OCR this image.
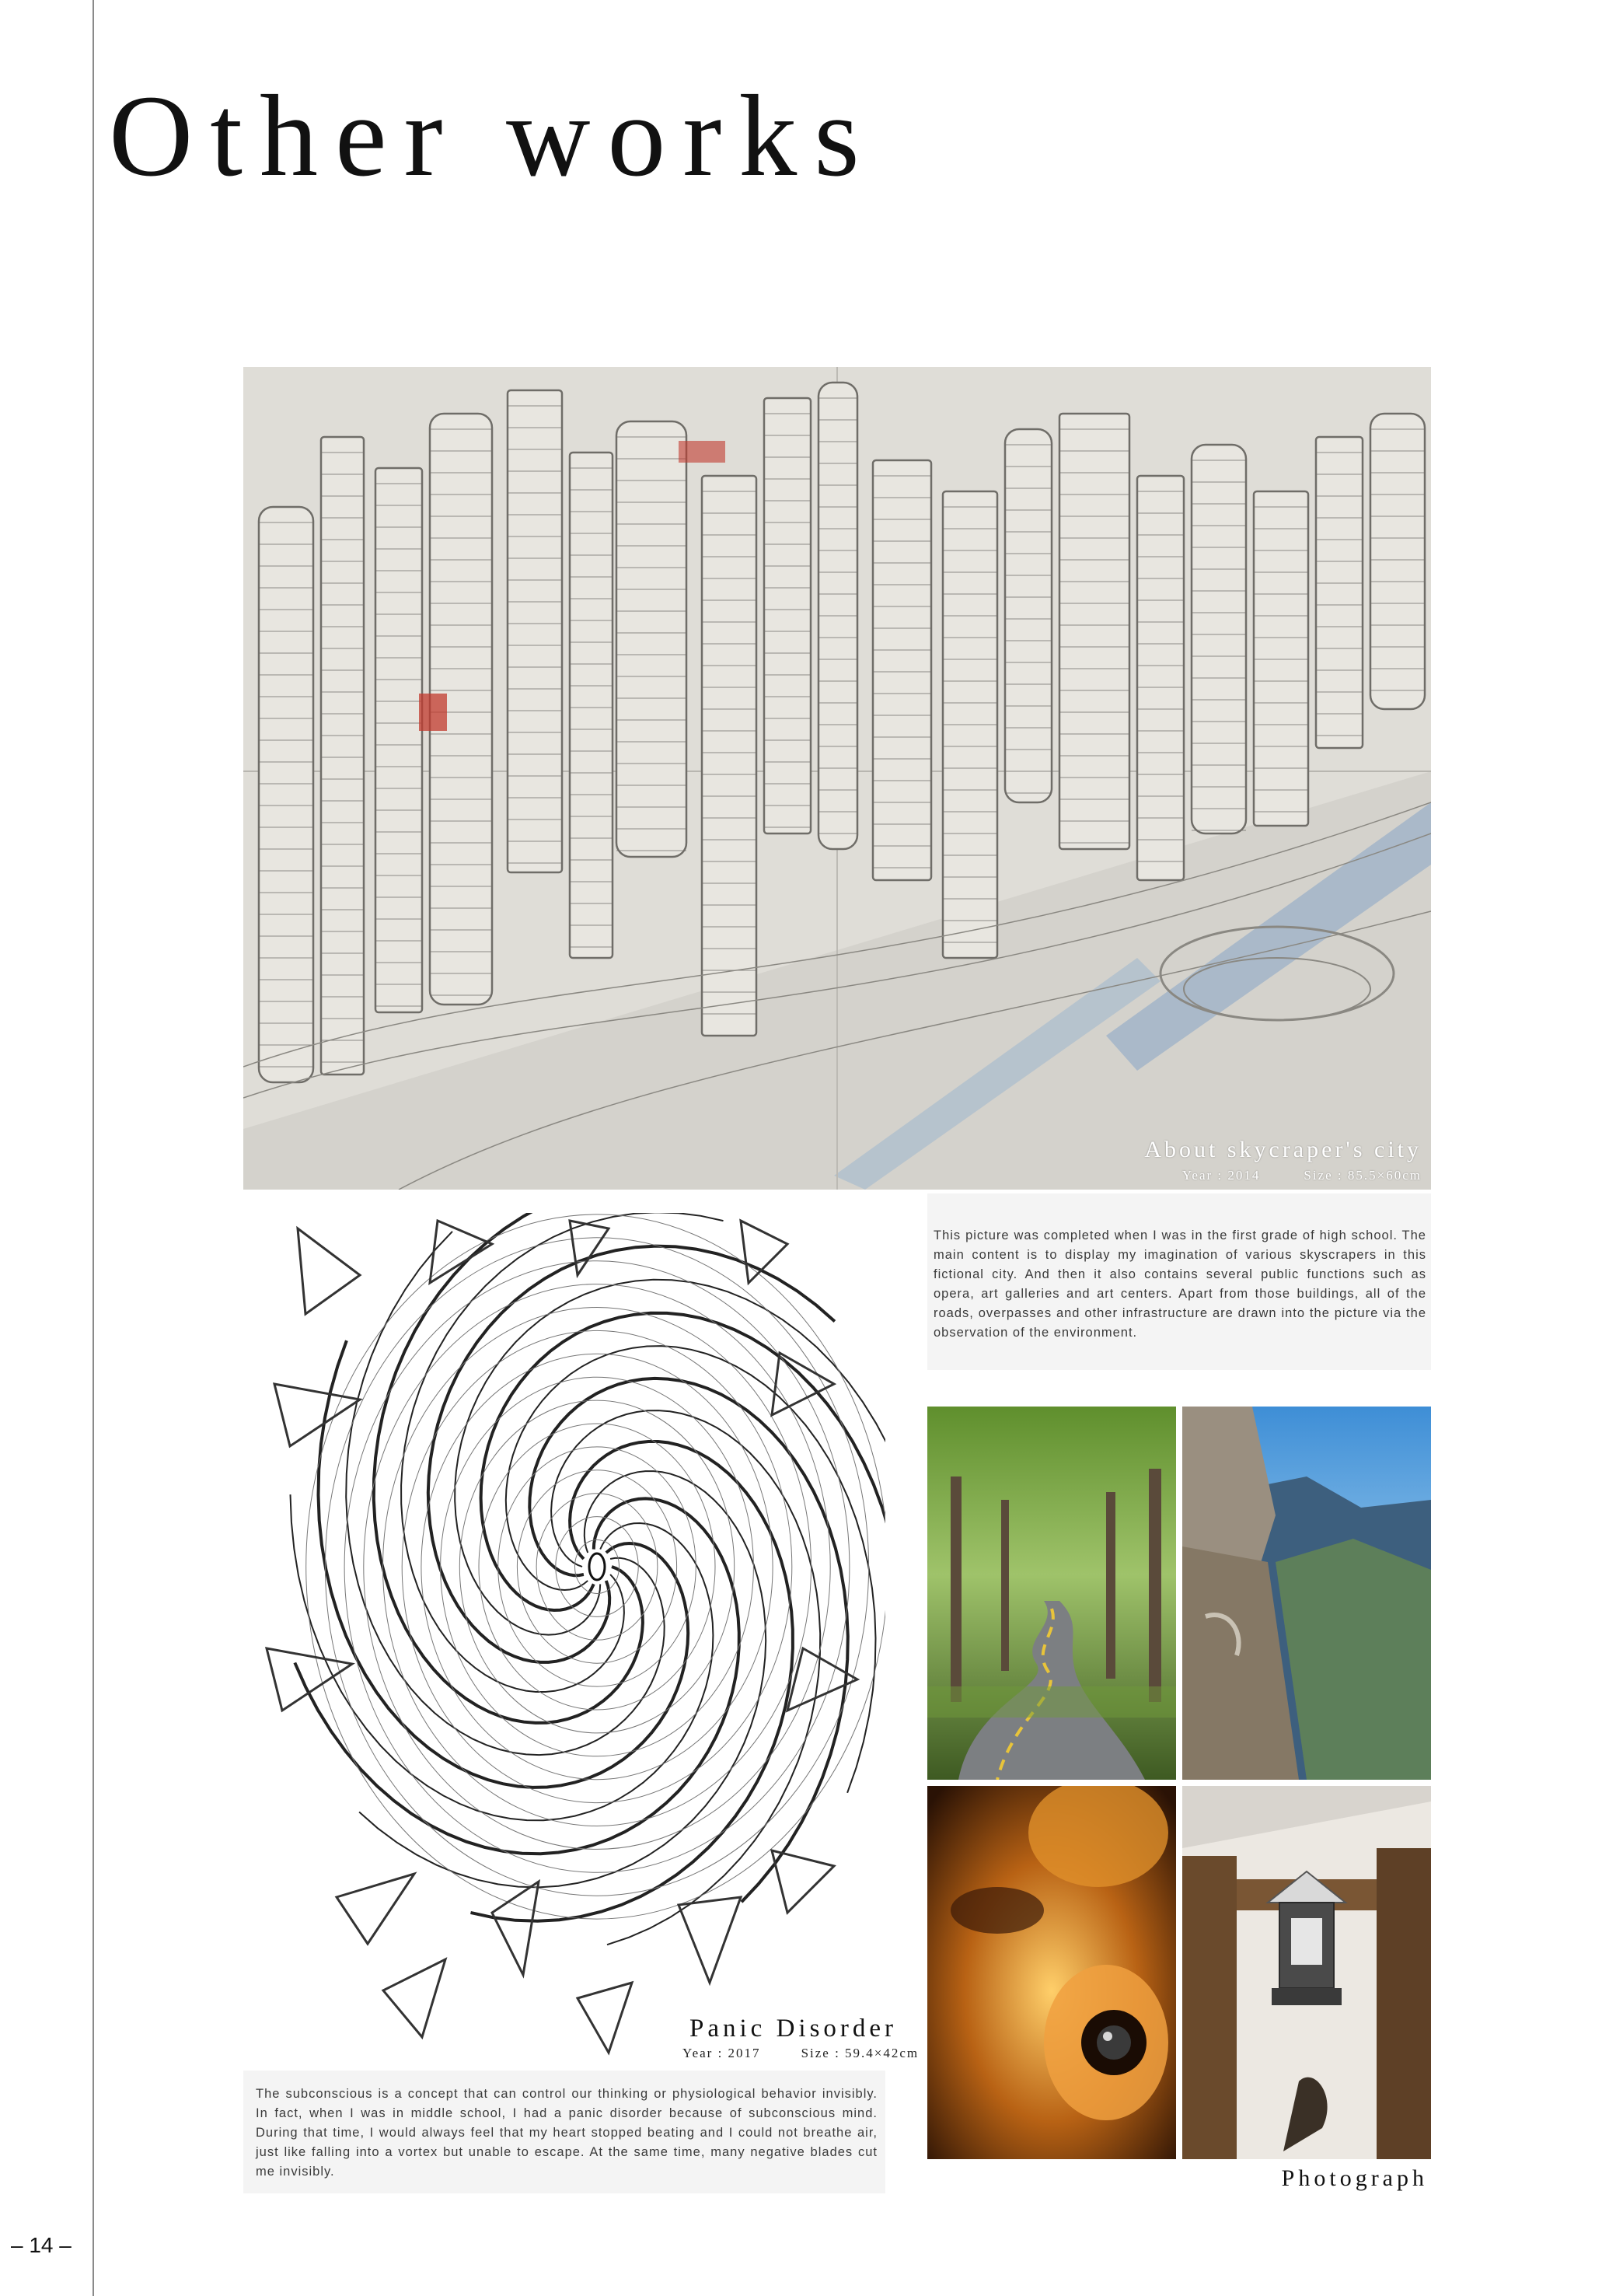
Other works
About skycraper's city
Year : 2014	Size : 85.5×60cm
This picture was completed when I was in the first grade of high school. The main content is to display my imagination of various skyscrapers in this fictional city. And then it also contains several public functions such as opera, art galleries and art centers. Apart from those buildings, all of the roads, overpasses and other infrastructure are drawn into the picture via the observation of the environment.
Panic Disorder
Year : 2017	Size : 59.4×42cm
The subconscious is a concept that can control our thinking or physiological behavior invisibly. In fact, when I was in middle school, I had a panic disorder because of subconscious mind. During that time, I would always feel that my heart stopped beating and I could not breathe air, just like falling into a vortex but unable to escape. At the same time, many negative blades cut me invisibly.	Photograph
– 14 –
